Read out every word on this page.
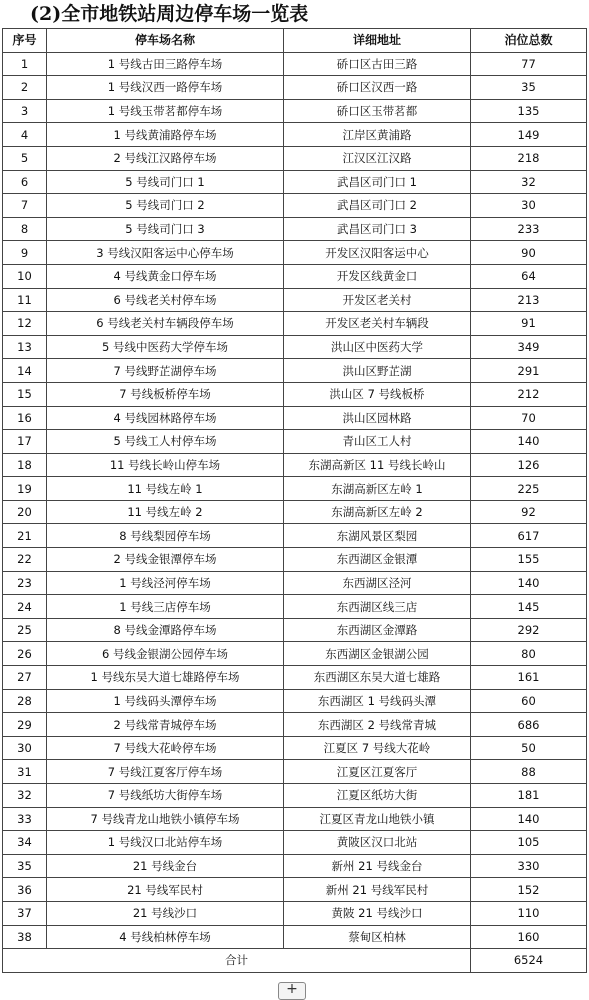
(2)全市地铁站周边停车场一览表
序号	停车场名称	详细地址	泊位总数
1	1 号线古田三路停车场	硚口区古田三路	77
2	1 号线汉西一路停车场	硚口区汉西一路	35
3	1 号线玉带茗都停车场	硚口区玉带茗都	135
4	1 号线黄浦路停车场	江岸区黄浦路	149
5	2 号线江汉路停车场	江汉区江汉路	218
6	5 号线司门口 1	武昌区司门口 1	32
7	5 号线司门口 2	武昌区司门口 2	30
8	5 号线司门口 3	武昌区司门口 3	233
9	3 号线汉阳客运中心停车场	开发区汉阳客运中心	90
10	4 号线黄金口停车场	开发区线黄金口	64
11	6 号线老关村停车场	开发区老关村	213
12	6 号线老关村车辆段停车场	开发区老关村车辆段	91
13	5 号线中医药大学停车场	洪山区中医药大学	349
14	7 号线野芷湖停车场	洪山区野芷湖	291
15	7 号线板桥停车场	洪山区 7 号线板桥	212
16	4 号线园林路停车场	洪山区园林路	70
17	5 号线工人村停车场	青山区工人村	140
18	11 号线长岭山停车场	东湖高新区 11 号线长岭山	126
19	11 号线左岭 1	东湖高新区左岭 1	225
20	11 号线左岭 2	东湖高新区左岭 2	92
21	8 号线梨园停车场	东湖风景区梨园	617
22	2 号线金银潭停车场	东西湖区金银潭	155
23	1 号线泾河停车场	东西湖区泾河	140
24	1 号线三店停车场	东西湖区线三店	145
25	8 号线金潭路停车场	东西湖区金潭路	292
26	6 号线金银湖公园停车场	东西湖区金银湖公园	80
27	1 号线东吴大道七雄路停车场	东西湖区东吴大道七雄路	161
28	1 号线码头潭停车场	东西湖区 1 号线码头潭	60
29	2 号线常青城停车场	东西湖区 2 号线常青城	686
30	7 号线大花岭停车场	江夏区 7 号线大花岭	50
31	7 号线江夏客厅停车场	江夏区江夏客厅	88
32	7 号线纸坊大街停车场	江夏区纸坊大街	181
33	7 号线青龙山地铁小镇停车场	江夏区青龙山地铁小镇	140
34	1 号线汉口北站停车场	黄陂区汉口北站	105
35	21 号线金台	新州 21 号线金台	330
36	21 号线军民村	新州 21 号线军民村	152
37	21 号线沙口	黄陂 21 号线沙口	110
38	4 号线柏林停车场	蔡甸区柏林	160
合计			6524
+
